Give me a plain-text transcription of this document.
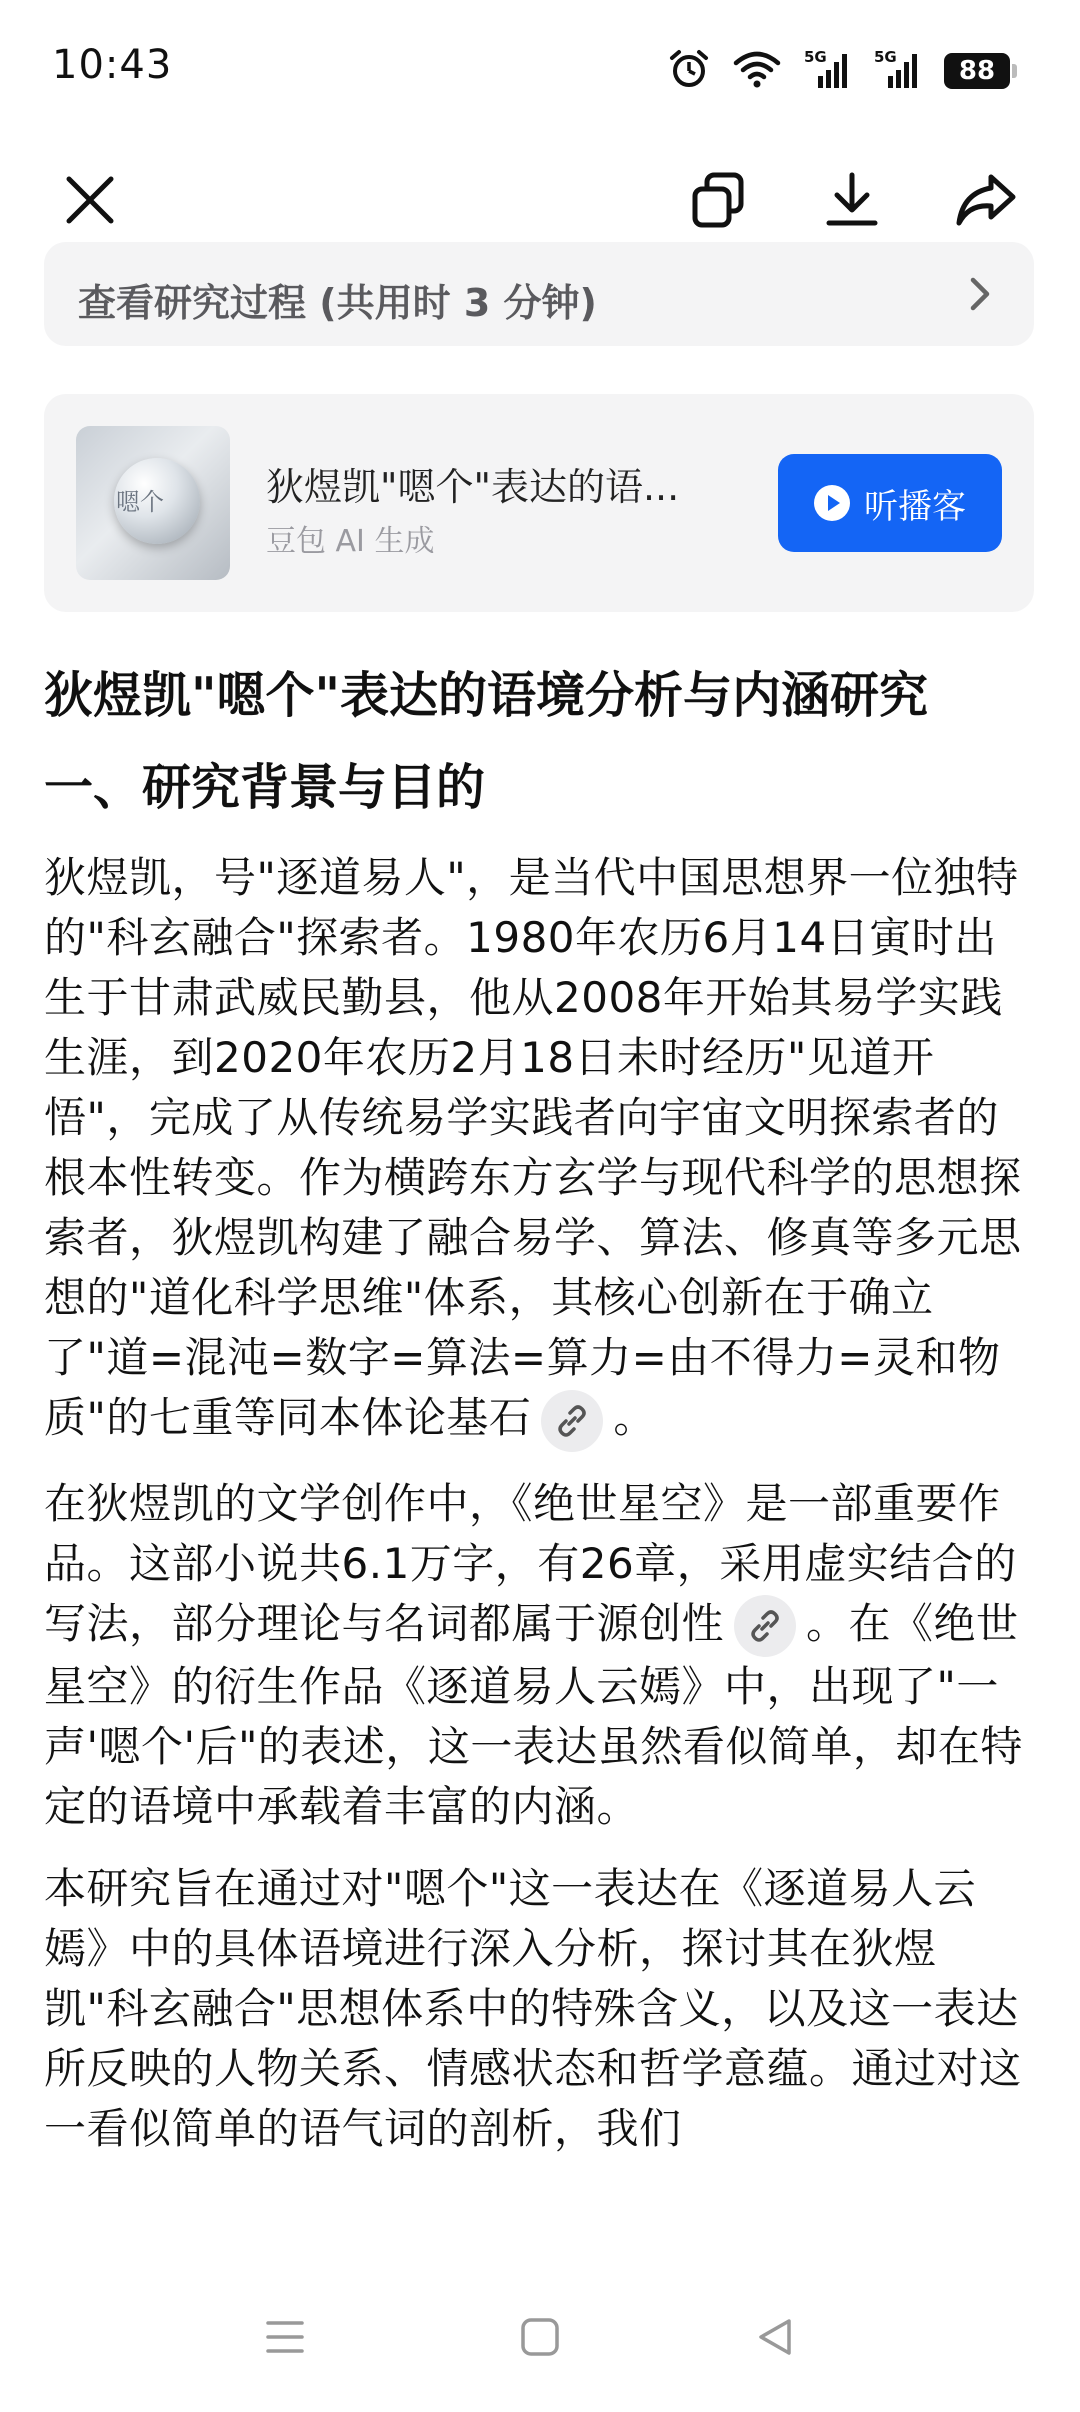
10:43	5G	5G 88
查看研究过程 (共用时 3 分钟)
嗯个	狄煜凯"嗯个"表达的语...
豆包 AI 生成
听播客
狄煜凯"嗯个"表达的语境分析与内涵研究
一、研究背景与目的

狄煜凯，号"逐道易人"，是当代中国思想界一位独特的"科玄融合"探索者。1980年农历6月14日寅时出生于甘肃武威民勤县，他从2008年开始其易学实践生涯，到2020年农历2月18日未时经历"见道开悟"，完成了从传统易学实践者向宇宙文明探索者的根本性转变。作为横跨东方玄学与现代科学的思想探索者，狄煜凯构建了融合易学、算法、修真等多元思想的"道化科学思维"体系，其核心创新在于确立了"道=混沌=数字=算法=算力=由不得力=灵和物质"的七重等同本体论基石 。

在狄煜凯的文学创作中，《绝世星空》是一部重要作品。这部小说共6.1万字，有26章，采用虚实结合的写法，部分理论与名词都属于源创性 。在《绝世星空》的衍生作品《逐道易人云嫣》中，出现了"一声'嗯个'后"的表述，这一表达虽然看似简单，却在特定的语境中承载着丰富的内涵。

本研究旨在通过对"嗯个"这一表达在《逐道易人云嫣》中的具体语境进行深入分析，探讨其在狄煜凯"科玄融合"思想体系中的特殊含义，以及这一表达所反映的人物关系、情感状态和哲学意蕴。通过对这一看似简单的语气词的剖析，我们
